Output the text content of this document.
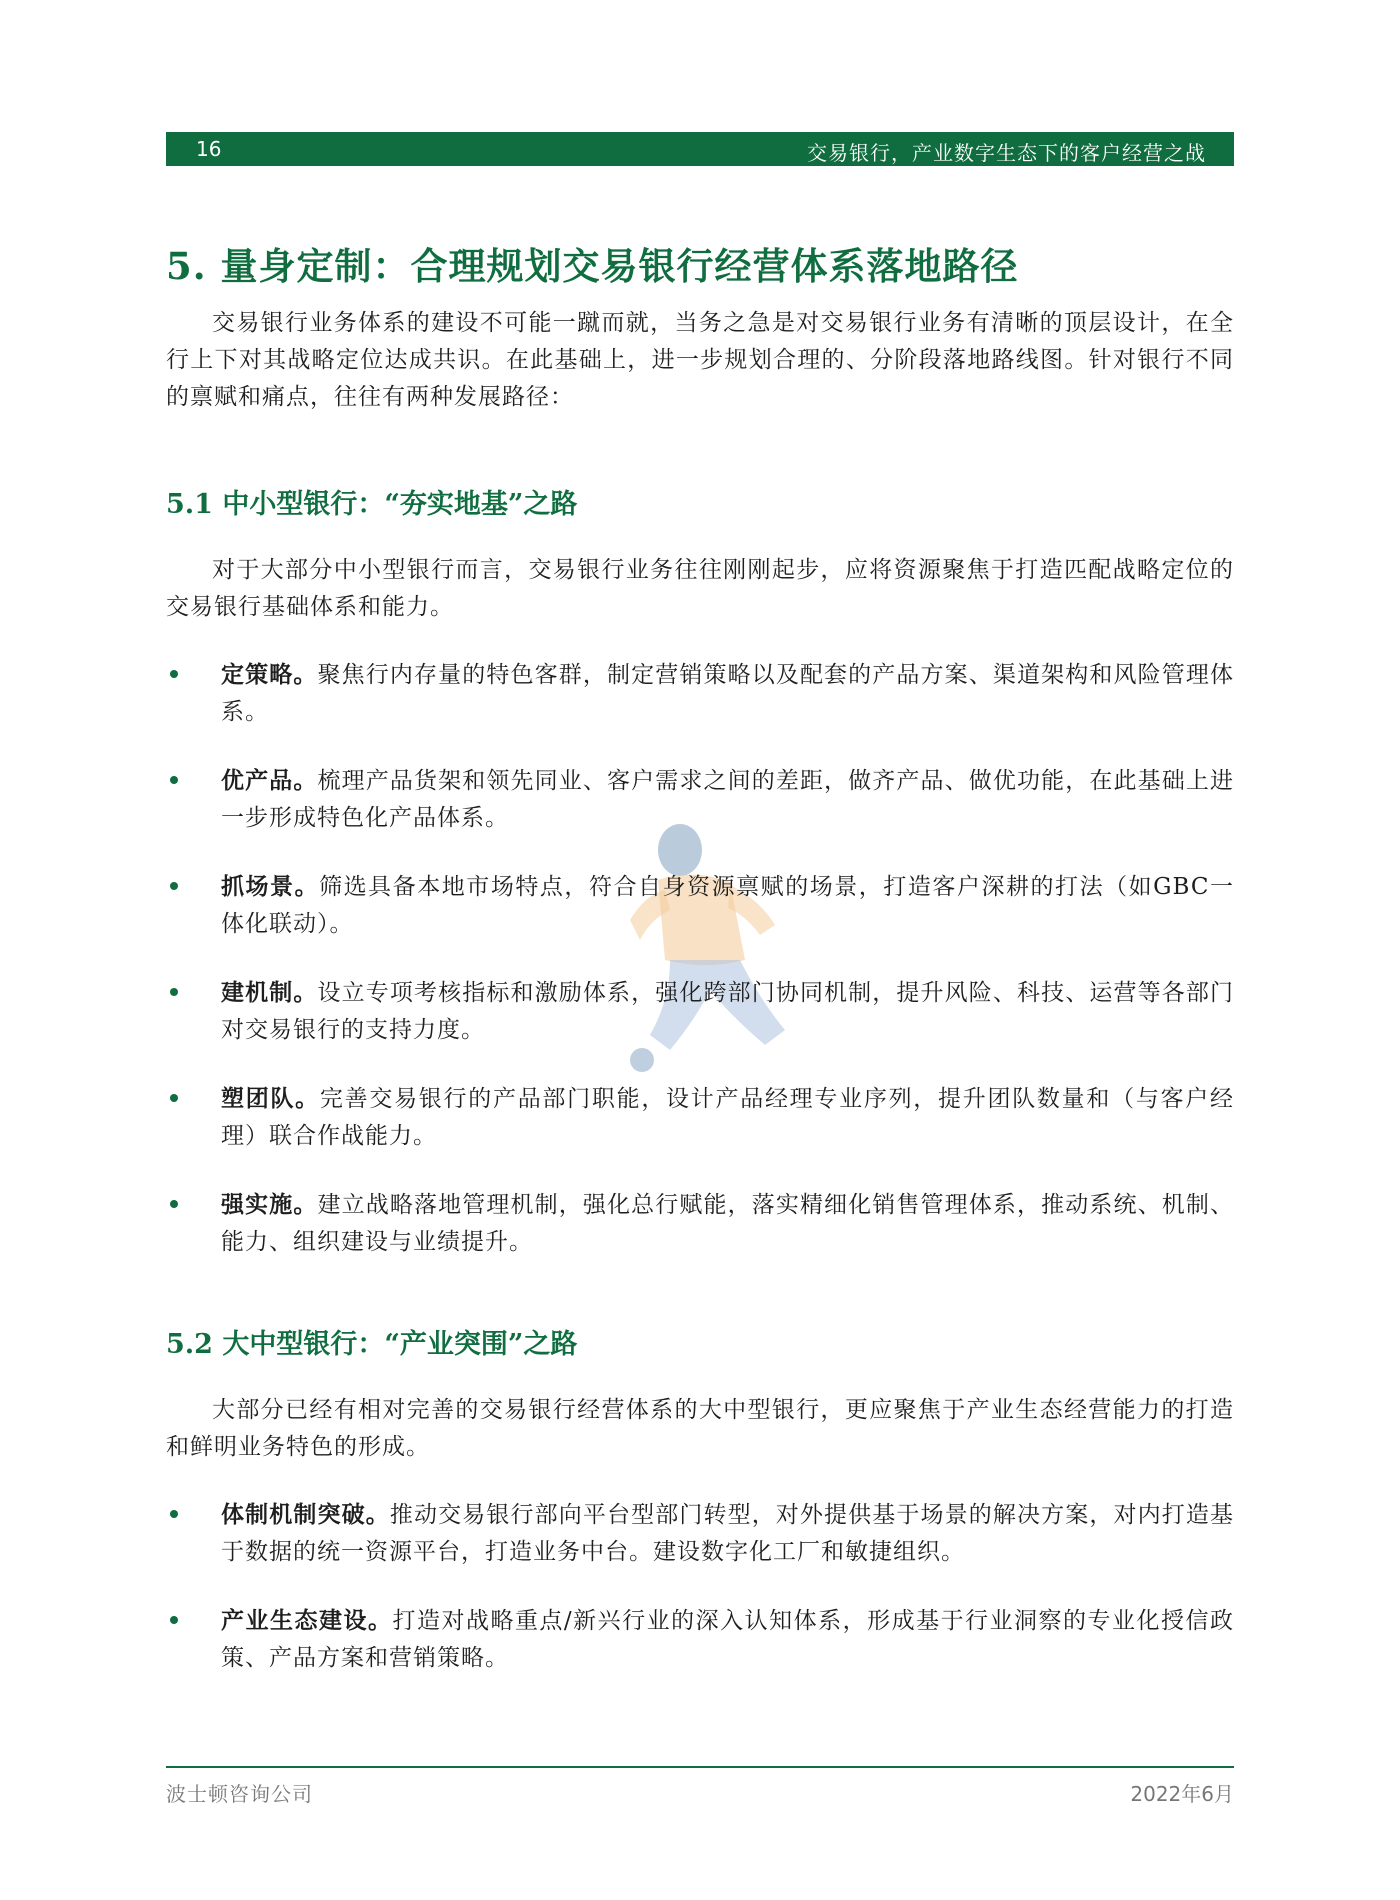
16	交易银行，产业数字生态下的客户经营之战
5. 量身定制：合理规划交易银行经营体系落地路径

交易银行业务体系的建设不可能一蹴而就，当务之急是对交易银行业务有清晰的顶层设计，在全行上下对其战略定位达成共识。在此基础上，进一步规划合理的、分阶段落地路线图。针对银行不同的禀赋和痛点，往往有两种发展路径：

5.1 中小型银行：“夯实地基”之路

对于大部分中小型银行而言，交易银行业务往往刚刚起步，应将资源聚焦于打造匹配战略定位的交易银行基础体系和能力。

定策略。聚焦行内存量的特色客群，制定营销策略以及配套的产品方案、渠道架构和风险管理体系。

优产品。梳理产品货架和领先同业、客户需求之间的差距，做齐产品、做优功能，在此基础上进一步形成特色化产品体系。

抓场景。筛选具备本地市场特点，符合自身资源禀赋的场景，打造客户深耕的打法（如GBC一体化联动）。

建机制。设立专项考核指标和激励体系，强化跨部门协同机制，提升风险、科技、运营等各部门对交易银行的支持力度。

塑团队。完善交易银行的产品部门职能，设计产品经理专业序列，提升团队数量和（与客户经理）联合作战能力。

强实施。建立战略落地管理机制，强化总行赋能，落实精细化销售管理体系，推动系统、机制、能力、组织建设与业绩提升。

5.2 大中型银行：“产业突围”之路

大部分已经有相对完善的交易银行经营体系的大中型银行，更应聚焦于产业生态经营能力的打造和鲜明业务特色的形成。

体制机制突破。推动交易银行部向平台型部门转型，对外提供基于场景的解决方案，对内打造基于数据的统一资源平台，打造业务中台。建设数字化工厂和敏捷组织。

产业生态建设。打造对战略重点/新兴行业的深入认知体系，形成基于行业洞察的专业化授信政策、产品方案和营销策略。

波士顿咨询公司	2022年6月
